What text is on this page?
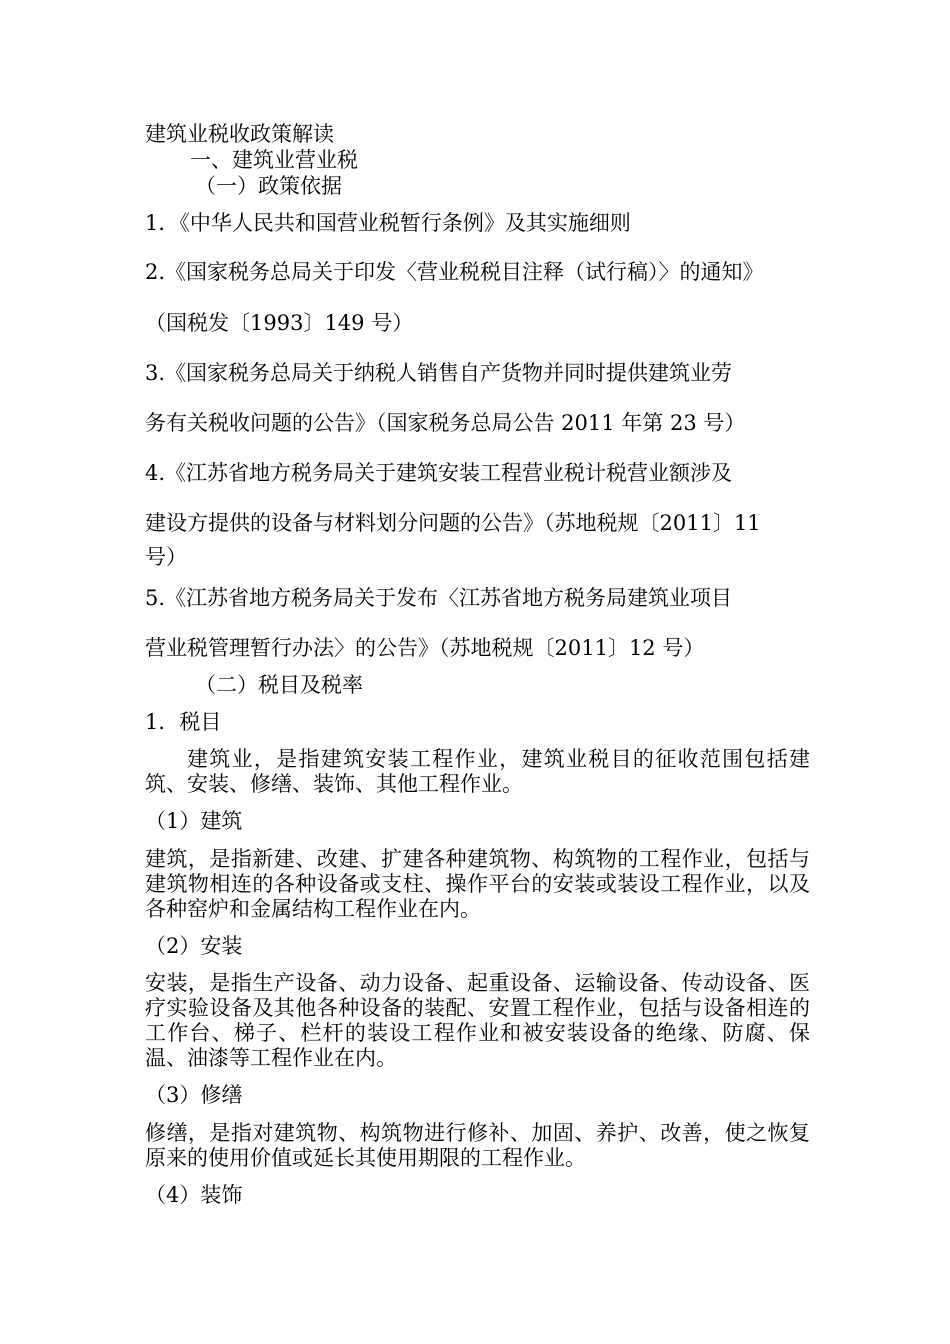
建筑业税收政策解读
一、建筑业营业税
（一）政策依据
1．《中华人民共和国营业税暂行条例》及其实施细则
2.《国家税务总局关于印发〈营业税税目注释（试行稿）〉的通知》
（国税发〔1993〕149 号）
3.《国家税务总局关于纳税人销售自产货物并同时提供建筑业劳
务有关税收问题的公告》（国家税务总局公告 2011 年第 23 号）
4.《江苏省地方税务局关于建筑安装工程营业税计税营业额涉及
建设方提供的设备与材料划分问题的公告》（苏地税规〔2011〕11
号）
5.《江苏省地方税务局关于发布〈江苏省地方税务局建筑业项目
营业税管理暂行办法〉的公告》（苏地税规〔2011〕12 号）
（二）税目及税率
1．税目
建筑业，是指建筑安装工程作业，建筑业税目的征收范围包括建筑、安装、修缮、装饰、其他工程作业。
（1）建筑
建筑，是指新建、改建、扩建各种建筑物、构筑物的工程作业，包括与建筑物相连的各种设备或支柱、操作平台的安装或装设工程作业，以及各种窑炉和金属结构工程作业在内。
（2）安装
安装，是指生产设备、动力设备、起重设备、运输设备、传动设备、医疗实验设备及其他各种设备的装配、安置工程作业，包括与设备相连的工作台、梯子、栏杆的装设工程作业和被安装设备的绝缘、防腐、保温、油漆等工程作业在内。
（3）修缮
修缮，是指对建筑物、构筑物进行修补、加固、养护、改善，使之恢复原来的使用价值或延长其使用期限的工程作业。
（4）装饰
